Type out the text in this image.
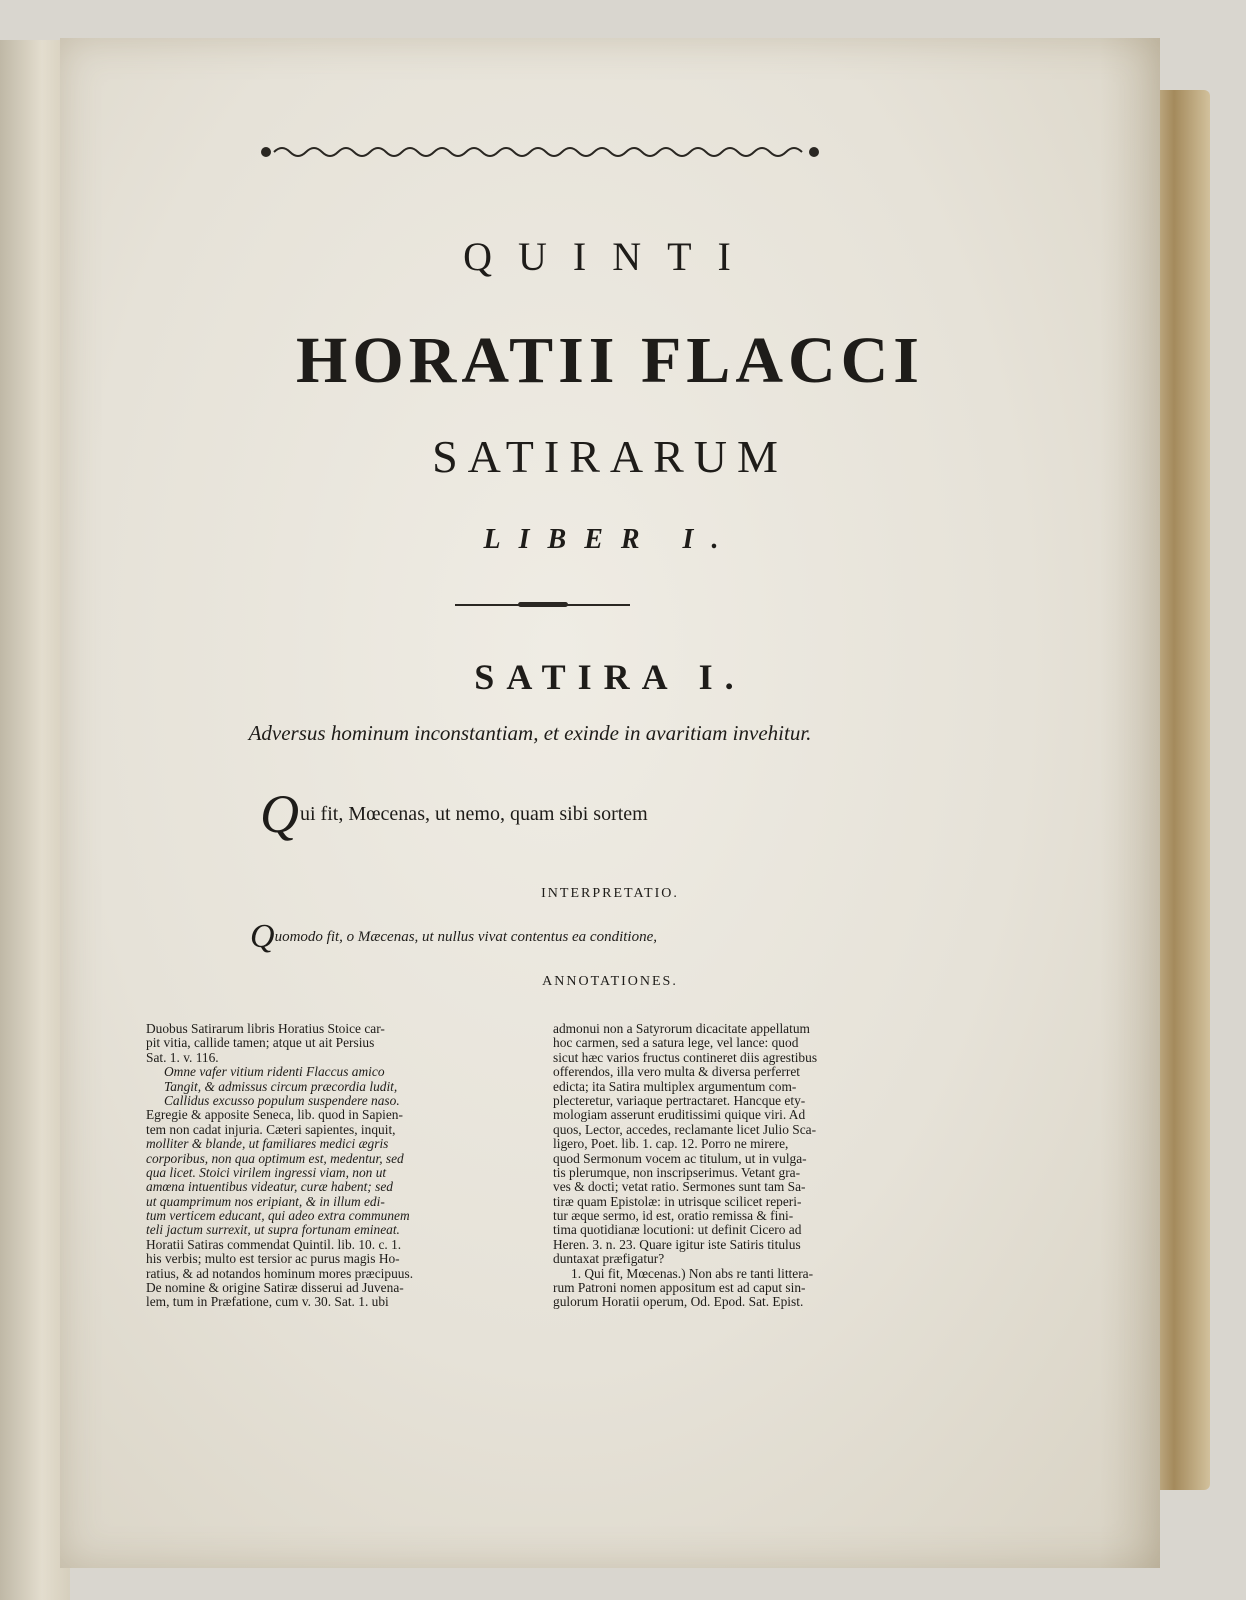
QUINTI
HORATII FLACCI
SATIRARUM
LIBER I.
SATIRA I.
Adversus hominum inconstantiam, et exinde in avaritiam invehitur.
Qui fit, Mœcenas, ut nemo, quam sibi sortem
INTERPRETATIO.
Quomodo fit, o Mæcenas, ut nullus vivat contentus ea conditione,
ANNOTATIONES.
Duobus Satirarum libris Horatius Stoice car-
pit vitia, callide tamen; atque ut ait Persius
Sat. 1. v. 116.
Omne vafer vitium ridenti Flaccus amico
Tangit, & admissus circum præcordia ludit,
Callidus excusso populum suspendere naso.
Egregie & apposite Seneca, lib. quod in Sapien-
tem non cadat injuria. Cæteri sapientes, inquit,
molliter & blande, ut familiares medici ægris
corporibus, non qua optimum est, medentur, sed
qua licet. Stoici virilem ingressi viam, non ut
amœna intuentibus videatur, curæ habent; sed
ut quamprimum nos eripiant, & in illum edi-
tum verticem educant, qui adeo extra communem
teli jactum surrexit, ut supra fortunam emineat.
Horatii Satiras commendat Quintil. lib. 10. c. 1.
his verbis; multo est tersior ac purus magis Ho-
ratius, & ad notandos hominum mores præcipuus.
De nomine & origine Satiræ disserui ad Juvena-
lem, tum in Præfatione, cum v. 30. Sat. 1. ubi
admonui non a Satyrorum dicacitate appellatum
hoc carmen, sed a satura lege, vel lance: quod
sicut hæc varios fructus contineret diis agrestibus
offerendos, illa vero multa & diversa perferret
edicta; ita Satira multiplex argumentum com-
plecteretur, variaque pertractaret. Hancque ety-
mologiam asserunt eruditissimi quique viri. Ad
quos, Lector, accedes, reclamante licet Julio Sca-
ligero, Poet. lib. 1. cap. 12. Porro ne mirere,
quod Sermonum vocem ac titulum, ut in vulga-
tis plerumque, non inscripserimus. Vetant gra-
ves & docti; vetat ratio. Sermones sunt tam Sa-
tiræ quam Epistolæ: in utrisque scilicet reperi-
tur æque sermo, id est, oratio remissa & fini-
tima quotidianæ locutioni: ut definit Cicero ad
Heren. 3. n. 23. Quare igitur iste Satiris titulus
duntaxat præfigatur?
1. Qui fit, Mœcenas.) Non abs re tanti littera-
rum Patroni nomen appositum est ad caput sin-
gulorum Horatii operum, Od. Epod. Sat. Epist.
